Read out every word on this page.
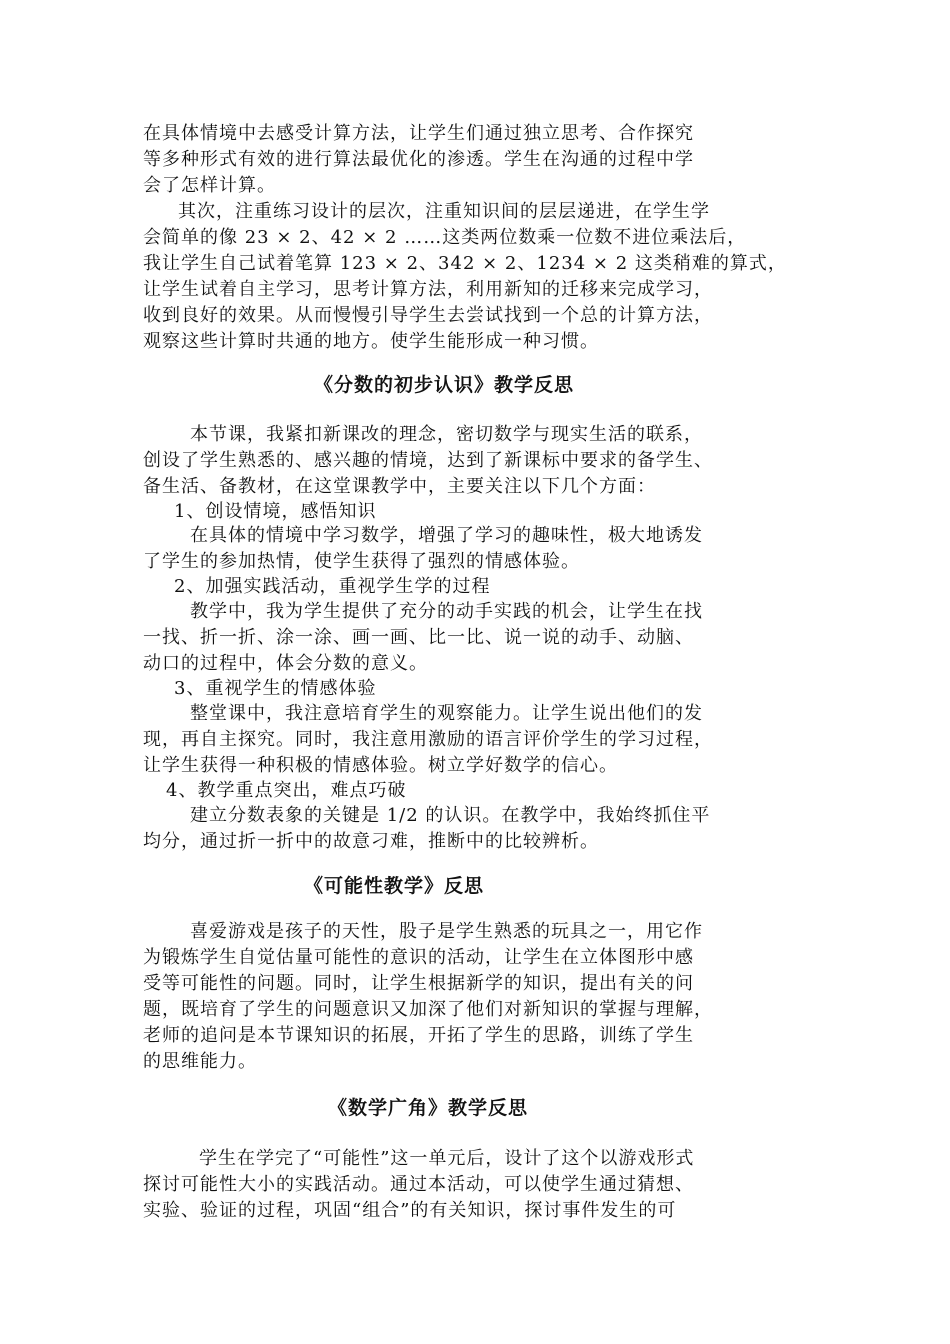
在具体情境中去感受计算方法，让学生们通过独立思考、合作探究
等多种形式有效的进行算法最优化的渗透。学生在沟通的过程中学
会了怎样计算。
其次，注重练习设计的层次，注重知识间的层层递进，在学生学
会简单的像 23 × 2、42 × 2 ……这类两位数乘一位数不进位乘法后，
我让学生自己试着笔算 123 × 2、342 × 2、1234 × 2 这类稍难的算式，
让学生试着自主学习，思考计算方法，利用新知的迁移来完成学习，
收到良好的效果。从而慢慢引导学生去尝试找到一个总的计算方法，
观察这些计算时共通的地方。使学生能形成一种习惯。
《分数的初步认识》教学反思
本节课，我紧扣新课改的理念，密切数学与现实生活的联系，
创设了学生熟悉的、感兴趣的情境，达到了新课标中要求的备学生、
备生活、备教材，在这堂课教学中，主要关注以下几个方面：
1、创设情境，感悟知识
在具体的情境中学习数学，增强了学习的趣味性，极大地诱发
了学生的参加热情，使学生获得了强烈的情感体验。
2、加强实践活动，重视学生学的过程
教学中，我为学生提供了充分的动手实践的机会，让学生在找
一找、折一折、涂一涂、画一画、比一比、说一说的动手、动脑、
动口的过程中，体会分数的意义。
3、重视学生的情感体验
整堂课中，我注意培育学生的观察能力。让学生说出他们的发
现，再自主探究。同时，我注意用激励的语言评价学生的学习过程，
让学生获得一种积极的情感体验。树立学好数学的信心。
4、教学重点突出，难点巧破
建立分数表象的关键是 1/2 的认识。在教学中，我始终抓住平
均分，通过折一折中的故意刁难，推断中的比较辨析。
《可能性教学》反思
喜爱游戏是孩子的天性，股子是学生熟悉的玩具之一，用它作
为锻炼学生自觉估量可能性的意识的活动，让学生在立体图形中感
受等可能性的问题。同时，让学生根据新学的知识，提出有关的问
题，既培育了学生的问题意识又加深了他们对新知识的掌握与理解，
老师的追问是本节课知识的拓展，开拓了学生的思路，训练了学生
的思维能力。
《数学广角》教学反思
学生在学完了“可能性”这一单元后，设计了这个以游戏形式
探讨可能性大小的实践活动。通过本活动，可以使学生通过猜想、
实验、验证的过程，巩固“组合”的有关知识，探讨事件发生的可
